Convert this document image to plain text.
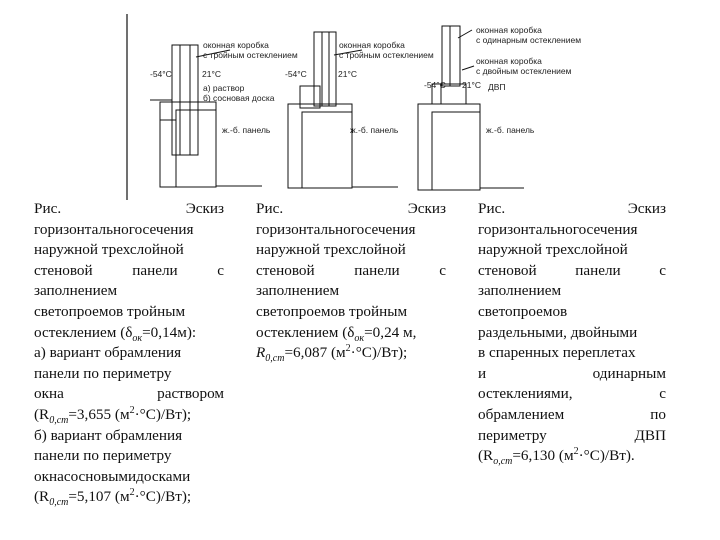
-54°C	21°C
оконная коробка
с тройным остеклением
а) раствор
б) сосновая доска
ж.-б. панель
-54°C	21°C
оконная коробка
с тройным остеклением
ж.-б. панель
-54°C 21°C
оконная коробка
с одинарным остеклением
оконная коробка
с двойным остеклением
ДВП
ж.-б. панель
Рис.	Эскиз
горизонтальногосечения
наружной трехслойной
стеновой	панели	с
заполнением
светопроемов тройным
остеклением $(\delta_{ок}=0,14м)$:
а) вариант обрамления
панели по периметру
окна	раствором
($R_{0,ст}=3,655$ $(м^2\cdot^\circ С)/Вт$);
б) вариант обрамления
панели по периметру
окнасосновымидосками
($R_{0,ст}=5,107$ $(м^2\cdot^\circ С)/Вт$);
Рис.	Эскиз
горизонтальногосечения
наружной трехслойной
стеновой	панели	с
заполнением
светопроемов тройным
остеклением ($\delta_{ок}=0,24$ м,
$R_{0,ст}=6,087$ $(м^2\cdot^\circ С)/Вт$);
Рис.	Эскиз
горизонтальногосечения
наружной трехслойной
стеновой	панели	с
заполнением
светопроемов
раздельными, двойными
в спаренных переплетах
и	одинарным
остеклениями,	с
обрамлением	по
периметру	ДВП
($R_{о,ст}=6,130$ $(м^2\cdot^\circ С)/Вт$).
